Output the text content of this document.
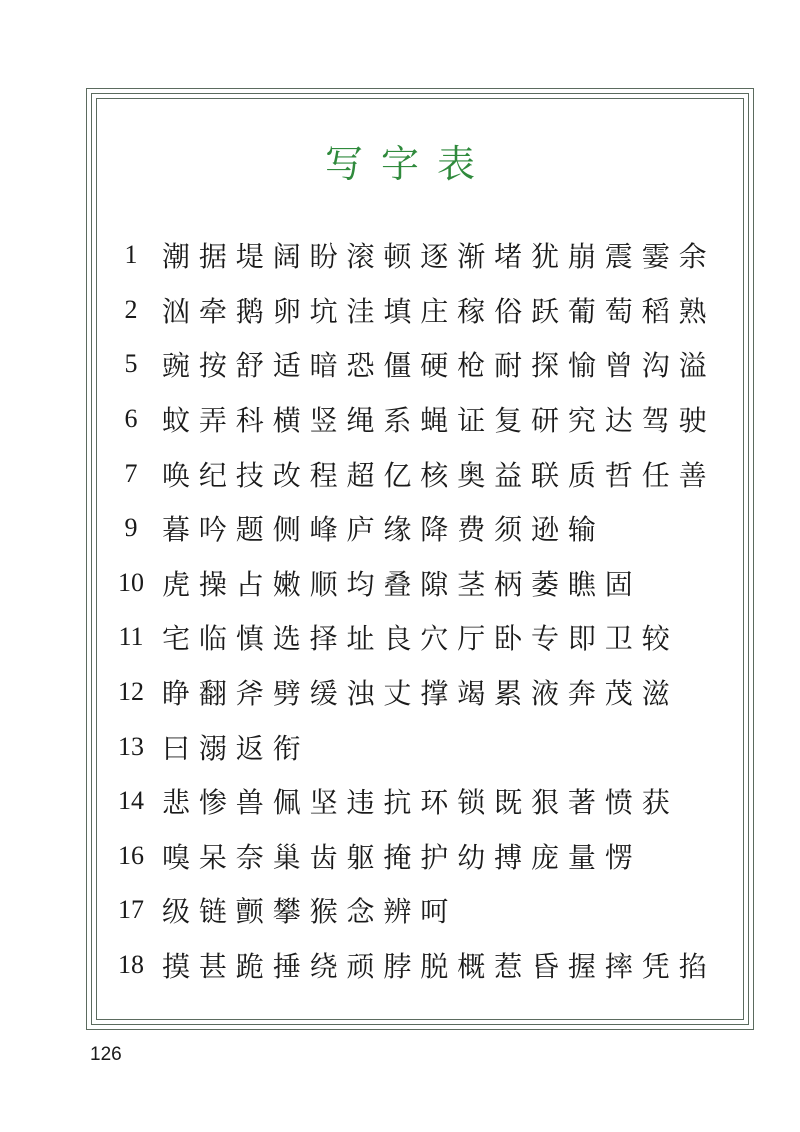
写字表
1 潮据堤阔盼滚顿逐渐堵犹崩震霎余
2 汹牵鹅卵坑洼填庄稼俗跃葡萄稻熟
5 豌按舒适暗恐僵硬枪耐探愉曾沟溢
6 蚊弄科横竖绳系蝇证复研究达驾驶
7 唤纪技改程超亿核奥益联质哲任善
9 暮吟题侧峰庐缘降费须逊输
10 虎操占嫩顺均叠隙茎柄萎瞧固
11 宅临慎选择址良穴厅卧专即卫较
12 睁翻斧劈缓浊丈撑竭累液奔茂滋
13 曰溺返衔
14 悲惨兽佩坚违抗环锁既狠著愤获
16 嗅呆奈巢齿躯掩护幼搏庞量愣
17 级链颤攀猴念辨呵
18 摸甚跪捶绕顽脖脱概惹昏握摔凭掐
126
